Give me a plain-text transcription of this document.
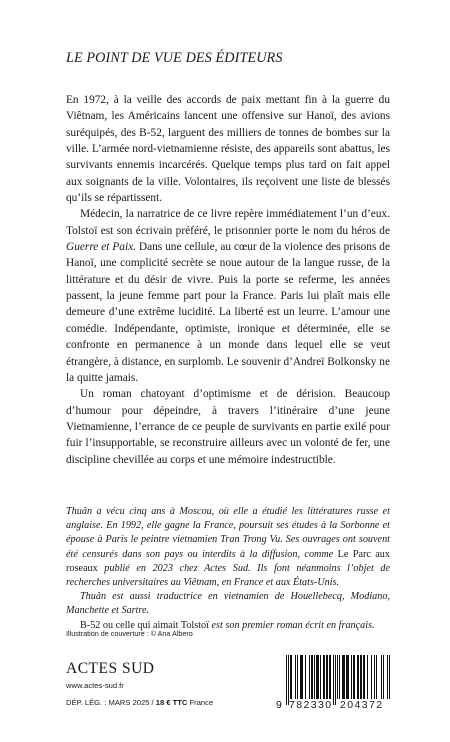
LE POINT DE VUE DES ÉDITEURS

En 1972, à la veille des accords de paix mettant fin à la guerre du Viêtnam, les Américains lancent une offensive sur Hanoï, des avions suréquipés, des B-52, larguent des milliers de tonnes de bombes sur la ville. L’armée nord-vietnamienne résiste, des appareils sont abattus, les survivants ennemis incarcérés. Quelque temps plus tard on fait appel aux soignants de la ville. Volontaires, ils reçoivent une liste de blessés qu’ils se répartissent.

Médecin, la narratrice de ce livre repère immédiatement l’un d’eux. Tolstoï est son écrivain préféré, le prisonnier porte le nom du héros de Guerre et Paix. Dans une cellule, au cœur de la violence des prisons de Hanoï, une complicité secrète se noue autour de la langue russe, de la littérature et du désir de vivre. Puis la porte se referme, les années passent, la jeune femme part pour la France. Paris lui plaît mais elle demeure d’une extrême lucidité. La liberté est un leurre. L’amour une comédie. Indépendante, optimiste, ironique et déterminée, elle se confronte en permanence à un monde dans lequel elle se veut étrangère, à distance, en surplomb. Le souvenir d’Andreï Bolkonsky ne la quitte jamais.

Un roman chatoyant d’optimisme et de dérision. Beaucoup d’humour pour dépeindre, à travers l’itinéraire d’une jeune Vietnamienne, l’errance de ce peuple de survivants en partie exilé pour fuir l’insupportable, se reconstruire ailleurs avec un volonté de fer, une discipline chevillée au corps et une mémoire indestructible.

Thuân a vécu cinq ans à Moscou, où elle a étudié les littératures russe et anglaise. En 1992, elle gagne la France, poursuit ses études à la Sorbonne et épouse à Paris le peintre vietnamien Tran Trong Vu. Ses ouvrages ont souvent été censurés dans son pays ou interdits à la diffusion, comme Le Parc aux roseaux publié en 2023 chez Actes Sud. Ils font néanmoins l’objet de recherches universitaires au Viêtnam, en France et aux États-Unis.

Thuân est aussi traductrice en vietnamien de Houellebecq, Modiano, Manchette et Sartre.

B-52 ou celle qui aimait Tolstoï est son premier roman écrit en français.

Illustration de couverture : © Ana Albero
ACTES SUD
www.actes-sud.fr
DÉP. LÉG. : MARS 2025 / 18 € TTC France	9 782330 204372
